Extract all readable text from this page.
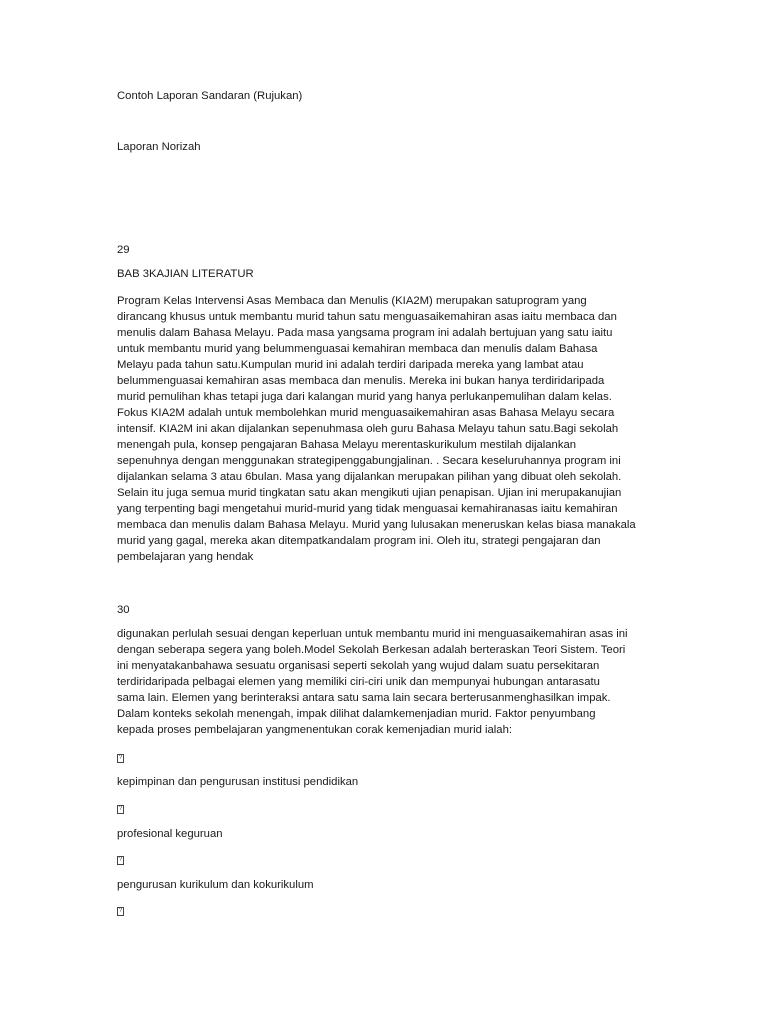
Contoh Laporan Sandaran (Rujukan)

Laporan Norizah

29

BAB 3KAJIAN LITERATUR

Program Kelas Intervensi Asas Membaca dan Menulis (KIA2M) merupakan satuprogram yang

dirancang khusus untuk membantu murid tahun satu menguasaikemahiran asas iaitu membaca dan

menulis dalam Bahasa Melayu. Pada masa yangsama program ini adalah bertujuan yang satu iaitu

untuk membantu murid yang belummenguasai kemahiran membaca dan menulis dalam Bahasa

Melayu pada tahun satu.Kumpulan murid ini adalah terdiri daripada mereka yang lambat atau

belummenguasai kemahiran asas membaca dan menulis. Mereka ini bukan hanya terdiridaripada

murid pemulihan khas tetapi juga dari kalangan murid yang hanya perlukanpemulihan dalam kelas.

Fokus KIA2M adalah untuk membolehkan murid menguasaikemahiran asas Bahasa Melayu secara

intensif. KIA2M ini akan dijalankan sepenuhmasa oleh guru Bahasa Melayu tahun satu.Bagi sekolah

menengah pula, konsep pengajaran Bahasa Melayu merentaskurikulum mestilah dijalankan

sepenuhnya dengan menggunakan strategipenggabungjalinan. . Secara keseluruhannya program ini

dijalankan selama 3 atau 6bulan. Masa yang dijalankan merupakan pilihan yang dibuat oleh sekolah.

Selain itu juga semua murid tingkatan satu akan mengikuti ujian penapisan. Ujian ini merupakanujian

yang terpenting bagi mengetahui murid-murid yang tidak menguasai kemahiranasas iaitu kemahiran

membaca dan menulis dalam Bahasa Melayu. Murid yang lulusakan meneruskan kelas biasa manakala

murid yang gagal, mereka akan ditempatkandalam program ini. Oleh itu, strategi pengajaran dan

pembelajaran yang hendak

30

digunakan perlulah sesuai dengan keperluan untuk membantu murid ini menguasaikemahiran asas ini

dengan seberapa segera yang boleh.Model Sekolah Berkesan adalah berteraskan Teori Sistem. Teori

ini menyatakanbahawa sesuatu organisasi seperti sekolah yang wujud dalam suatu persekitaran

terdiridaripada pelbagai elemen yang memiliki ciri-ciri unik dan mempunyai hubungan antarasatu

sama lain. Elemen yang berinteraksi antara satu sama lain secara berterusanmenghasilkan impak.

Dalam konteks sekolah menengah, impak dilihat dalamkemenjadian murid. Faktor penyumbang

kepada proses pembelajaran yangmenentukan corak kemenjadian murid ialah:

?

kepimpinan dan pengurusan institusi pendidikan

?

profesional keguruan

?

pengurusan kurikulum dan kokurikulum

?
